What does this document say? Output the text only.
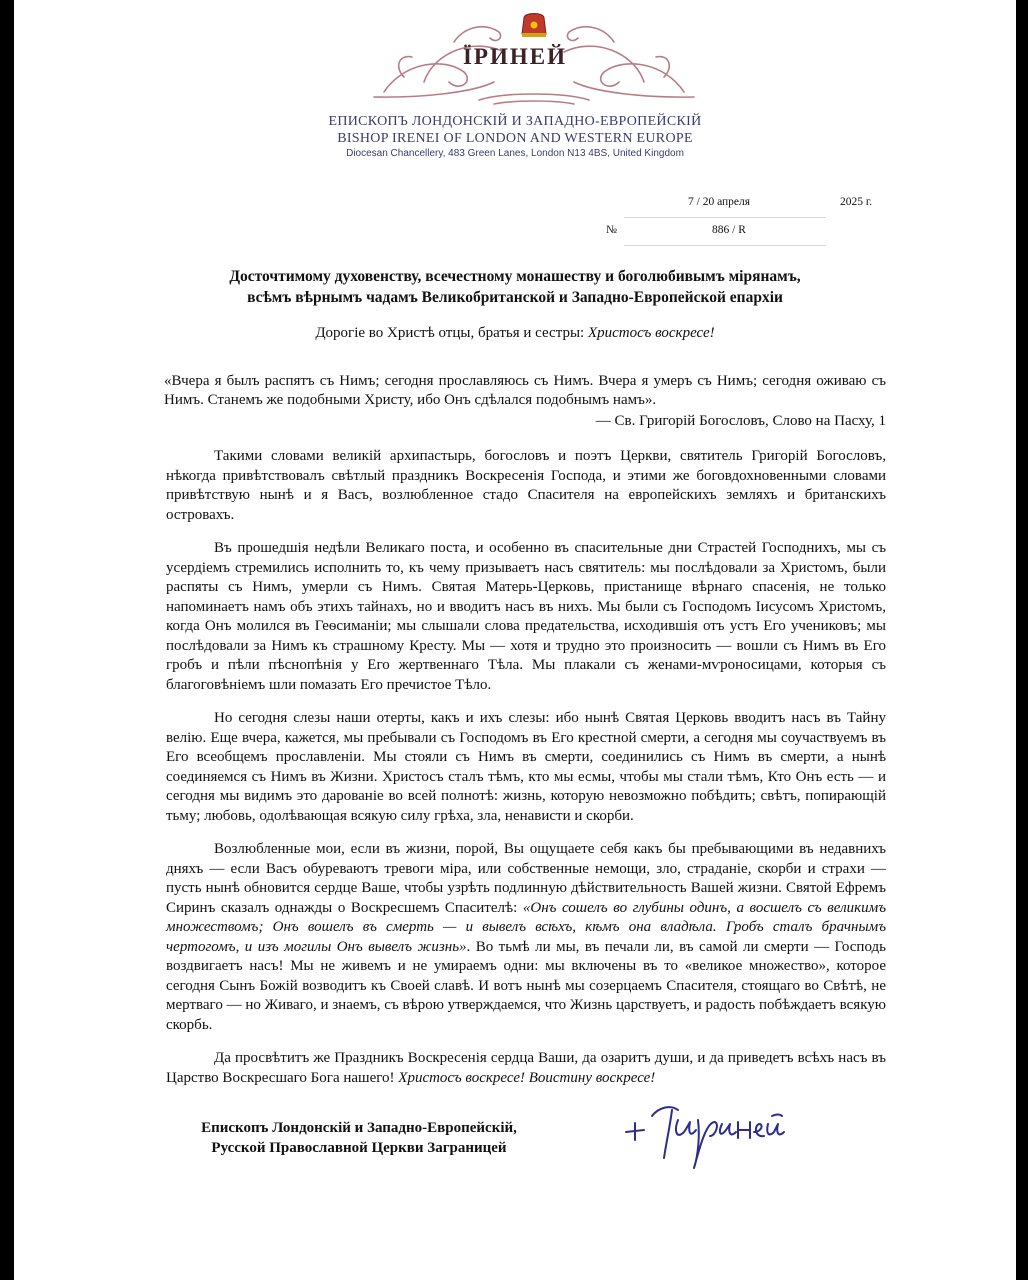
ЇРИНЕЙ
ЕПИСКОПЪ ЛОНДОНСКІЙ И ЗАПАДНО-ЕВРОПЕЙСКІЙ
BISHOP IRENEI OF LONDON AND WESTERN EUROPE
Diocesan Chancellery, 483 Green Lanes, London N13 4BS, United Kingdom
7 / 20 апреля	2025 г.
№	886 / R
Досточтимому духовенству, всечестному монашеству и боголюбивымъ мірянамъ,
всѣмъ вѣрнымъ чадамъ Великобританской и Западно-Европейской епархіи
Дорогіе во Христѣ отцы, братья и сестры: Христосъ воскресе!
«Вчера я былъ распятъ съ Нимъ; сегодня прославляюсь съ Нимъ. Вчера я умеръ съ Нимъ; сегодня оживаю съ Нимъ. Станемъ же подобными Христу, ибо Онъ сдѣлался подобнымъ намъ».
— Св. Григорій Богословъ, Слово на Пасху, 1

Такими словами великій архипастырь, богословъ и поэтъ Церкви, святитель Григорій Богословъ, нѣкогда привѣтствовалъ свѣтлый праздникъ Воскресенія Господа, и этими же боговдохновенными словами привѣтствую нынѣ и я Васъ, возлюбленное стадо Спасителя на европейскихъ земляхъ и британскихъ островахъ.

Въ прошедшія недѣли Великаго поста, и особенно въ спасительные дни Страстей Господнихъ, мы съ усердіемъ стремились исполнить то, къ чему призываетъ насъ святитель: мы послѣдовали за Христомъ, были распяты съ Нимъ, умерли съ Нимъ. Святая Матерь-Церковь, пристанище вѣрнаго спасенія, не только напоминаетъ намъ объ этихъ тайнахъ, но и вводитъ насъ въ нихъ. Мы были съ Господомъ Іисусомъ Христомъ, когда Онъ молился въ Геѳсиманіи; мы слышали слова предательства, исходившія отъ устъ Его учениковъ; мы послѣдовали за Нимъ къ страшному Кресту. Мы — хотя и трудно это произносить — вошли съ Нимъ въ Его гробъ и пѣли пѣснопѣнія у Его жертвеннаго Тѣла. Мы плакали съ женами-мѵроносицами, которыя съ благоговѣніемъ шли помазать Его пречистое Тѣло.

Но сегодня слезы наши отерты, какъ и ихъ слезы: ибо нынѣ Святая Церковь вводитъ насъ въ Тайну велію. Еще вчера, кажется, мы пребывали съ Господомъ въ Его крестной смерти, а сегодня мы соучаствуемъ въ Его всеобщемъ прославленіи. Мы стояли съ Нимъ въ смерти, соединились съ Нимъ въ смерти, а нынѣ соединяемся съ Нимъ въ Жизни. Христосъ сталъ тѣмъ, кто мы есмы, чтобы мы стали тѣмъ, Кто Онъ есть — и сегодня мы видимъ это дарованіе во всей полнотѣ: жизнь, которую невозможно побѣдить; свѣтъ, попирающій тьму; любовь, одолѣвающая всякую силу грѣха, зла, ненависти и скорби.

Возлюбленные мои, если въ жизни, порой, Вы ощущаете себя какъ бы пребывающими въ недавнихъ дняхъ — если Васъ обуреваютъ тревоги міра, или собственные немощи, зло, страданіе, скорби и страхи — пусть нынѣ обновится сердце Ваше, чтобы узрѣть подлинную дѣйствительность Вашей жизни. Святой Ефремъ Сиринъ сказалъ однажды о Воскресшемъ Спасителѣ: «Онъ сошелъ во глубины одинъ, а восшелъ съ великимъ множествомъ; Онъ вошелъ въ смерть — и вывелъ всѣхъ, кѣмъ она владѣла. Гробъ сталъ брачнымъ чертогомъ, и изъ могилы Онъ вывелъ жизнь». Во тьмѣ ли мы, въ печали ли, въ самой ли смерти — Господь воздвигаетъ насъ! Мы не живемъ и не умираемъ одни: мы включены въ то «великое множество», которое сегодня Сынъ Божій возводитъ къ Своей славѣ. И вотъ нынѣ мы созерцаемъ Спасителя, стоящаго во Свѣтѣ, не мертваго — но Живаго, и знаемъ, съ вѣрою утверждаемся, что Жизнь царствуетъ, и радость побѣждаетъ всякую скорбь.

Да просвѣтитъ же Праздникъ Воскресенія сердца Ваши, да озаритъ души, и да приведетъ всѣхъ насъ въ Царство Воскресшаго Бога нашего! Христосъ воскресе! Воистину воскресе!

Епископъ Лондонскій и Западно-Европейскій,
Русской Православной Церкви Заграницей
